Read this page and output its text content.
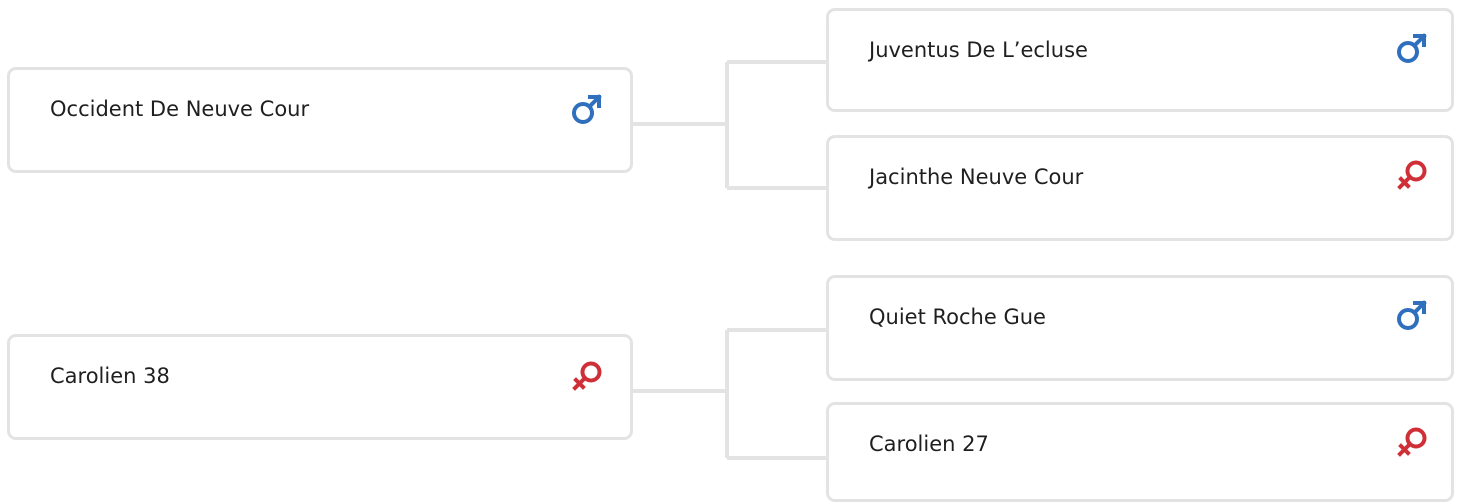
Occident De Neuve Cour
Juventus De L’ecluse
Jacinthe Neuve Cour
Carolien 38
Quiet Roche Gue
Carolien 27
